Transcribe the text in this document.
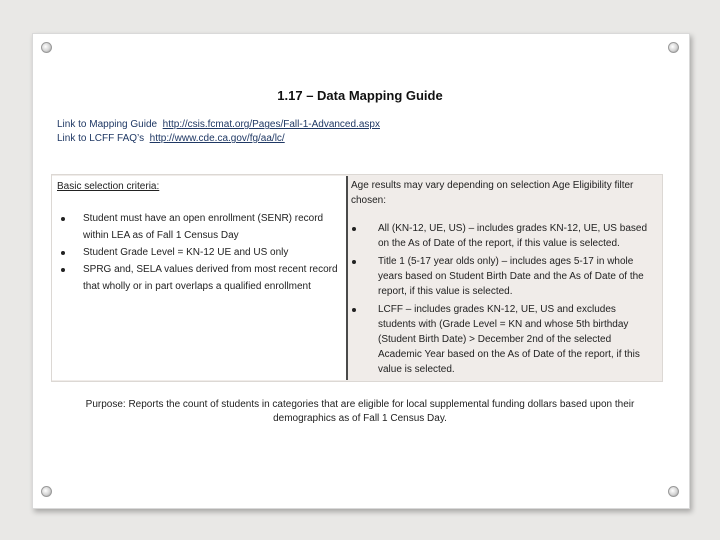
1.17 – Data Mapping Guide
Link to Mapping Guide http://csis.fcmat.org/Pages/Fall-1-Advanced.aspx
Link to LCFF FAQ’s http://www.cde.ca.gov/fg/aa/lc/
Basic selection criteria:
Student must have an open enrollment (SENR) record within LEA as of Fall 1 Census Day
Student Grade Level = KN-12 UE and US only
SPRG and, SELA values derived from most recent record that wholly or in part overlaps a qualified enrollment
Age results may vary depending on selection Age Eligibility filter chosen:
All (KN-12, UE, US) – includes grades KN-12, UE, US based on the As of Date of the report, if this value is selected.
Title 1 (5-17 year olds only) – includes ages 5-17 in whole years based on Student Birth Date and the As of Date of the report, if this value is selected.
LCFF – includes grades KN-12, UE, US and excludes students with (Grade Level = KN and whose 5th birthday (Student Birth Date) > December 2nd of the selected Academic Year based on the As of Date of the report, if this value is selected.
Purpose: Reports the count of students in categories that are eligible for local supplemental funding dollars based upon their demographics as of Fall 1 Census Day.
